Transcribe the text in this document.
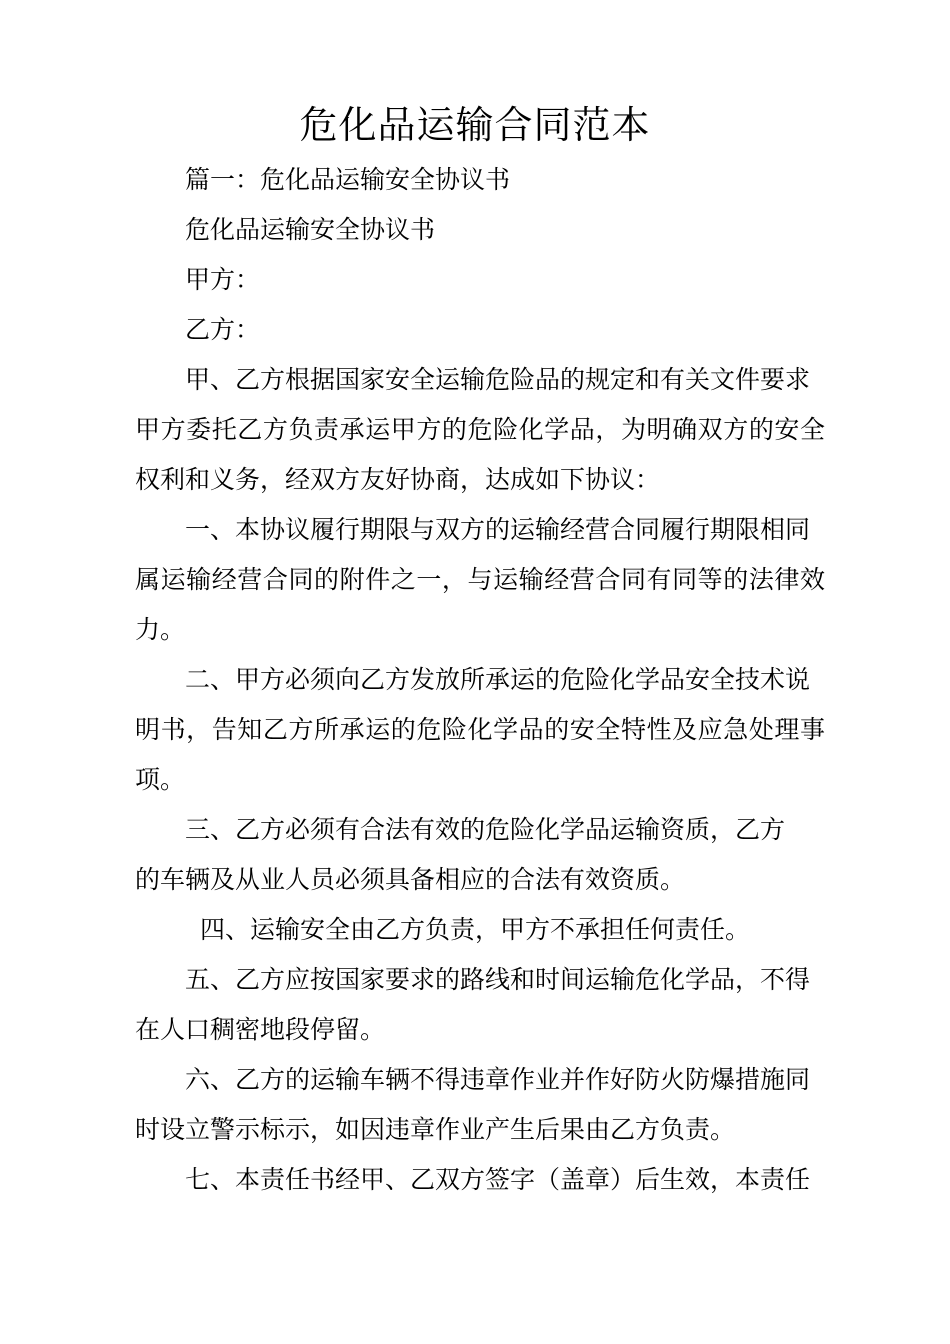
危化品运输合同范本
篇一：危化品运输安全协议书
危化品运输安全协议书
甲方：
乙方：
甲、乙方根据国家安全运输危险品的规定和有关文件要求
甲方委托乙方负责承运甲方的危险化学品，为明确双方的安全
权利和义务，经双方友好协商，达成如下协议：
一、本协议履行期限与双方的运输经营合同履行期限相同
属运输经营合同的附件之一，与运输经营合同有同等的法律效
力。
二、甲方必须向乙方发放所承运的危险化学品安全技术说
明书，告知乙方所承运的危险化学品的安全特性及应急处理事
项。
三、乙方必须有合法有效的危险化学品运输资质，乙方
的车辆及从业人员必须具备相应的合法有效资质。
四、运输安全由乙方负责，甲方不承担任何责任。
五、乙方应按国家要求的路线和时间运输危化学品，不得
在人口稠密地段停留。
六、乙方的运输车辆不得违章作业并作好防火防爆措施同
时设立警示标示，如因违章作业产生后果由乙方负责。
七、本责任书经甲、乙双方签字（盖章）后生效，本责任
